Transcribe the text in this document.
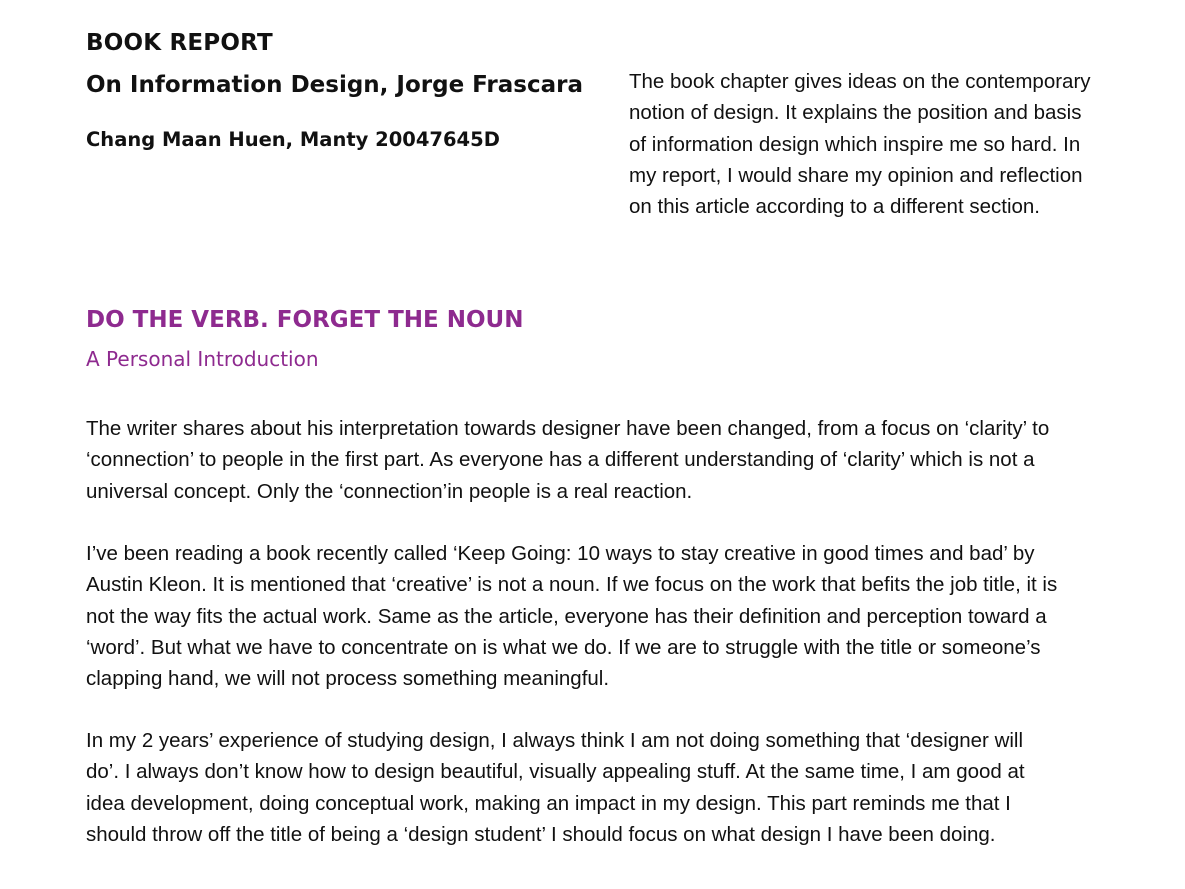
BOOK REPORT
On Information Design, Jorge Frascara
Chang Maan Huen, Manty 20047645D

The book chapter gives ideas on the contemporary
notion of design. It explains the position and basis
of information design which inspire me so hard. In
my report, I would share my opinion and reflection
on this article according to a different section.

DO THE VERB. FORGET THE NOUN
A Personal Introduction

The writer shares about his interpretation towards designer have been changed, from a focus on ‘clarity’ to
‘connection’ to people in the first part. As everyone has a different understanding of ‘clarity’ which is not a
universal concept. Only the ‘connection’in people is a real reaction.

I’ve been reading a book recently called ‘Keep Going: 10 ways to stay creative in good times and bad’ by
Austin Kleon. It is mentioned that ‘creative’ is not a noun. If we focus on the work that befits the job title, it is
not the way fits the actual work. Same as the article, everyone has their definition and perception toward a
‘word’. But what we have to concentrate on is what we do. If we are to struggle with the title or someone’s
clapping hand, we will not process something meaningful.

In my 2 years’ experience of studying design, I always think I am not doing something that ‘designer will
do’. I always don’t know how to design beautiful, visually appealing stuff. At the same time, I am good at
idea development, doing conceptual work, making an impact in my design. This part reminds me that I
should throw off the title of being a ‘design student’ I should focus on what design I have been doing.
